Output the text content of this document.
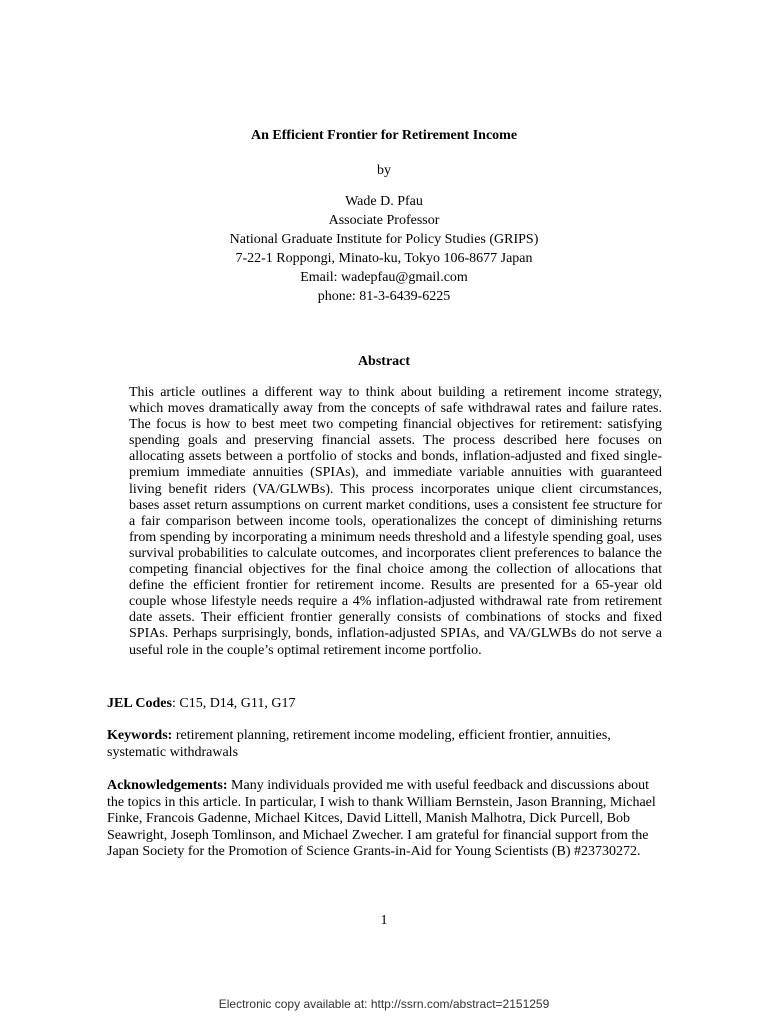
An Efficient Frontier for Retirement Income
by
Wade D. Pfau
Associate Professor
National Graduate Institute for Policy Studies (GRIPS)
7-22-1 Roppongi, Minato-ku, Tokyo 106-8677 Japan
Email: wadepfau@gmail.com
phone: 81-3-6439-6225
Abstract
This article outlines a different way to think about building a retirement income strategy, which moves dramatically away from the concepts of safe withdrawal rates and failure rates. The focus is how to best meet two competing financial objectives for retirement: satisfying spending goals and preserving financial assets. The process described here focuses on allocating assets between a portfolio of stocks and bonds, inflation-adjusted and fixed single-premium immediate annuities (SPIAs), and immediate variable annuities with guaranteed living benefit riders (VA/GLWBs). This process incorporates unique client circumstances, bases asset return assumptions on current market conditions, uses a consistent fee structure for a fair comparison between income tools, operationalizes the concept of diminishing returns from spending by incorporating a minimum needs threshold and a lifestyle spending goal, uses survival probabilities to calculate outcomes, and incorporates client preferences to balance the competing financial objectives for the final choice among the collection of allocations that define the efficient frontier for retirement income. Results are presented for a 65-year old couple whose lifestyle needs require a 4% inflation-adjusted withdrawal rate from retirement date assets. Their efficient frontier generally consists of combinations of stocks and fixed SPIAs. Perhaps surprisingly, bonds, inflation-adjusted SPIAs, and VA/GLWBs do not serve a useful role in the couple’s optimal retirement income portfolio.
JEL Codes: C15, D14, G11, G17
Keywords: retirement planning, retirement income modeling, efficient frontier, annuities, systematic withdrawals
Acknowledgements: Many individuals provided me with useful feedback and discussions about the topics in this article. In particular, I wish to thank William Bernstein, Jason Branning, Michael Finke, Francois Gadenne, Michael Kitces, David Littell, Manish Malhotra, Dick Purcell, Bob Seawright, Joseph Tomlinson, and Michael Zwecher. I am grateful for financial support from the Japan Society for the Promotion of Science Grants-in-Aid for Young Scientists (B) #23730272.
1
Electronic copy available at: http://ssrn.com/abstract=2151259
